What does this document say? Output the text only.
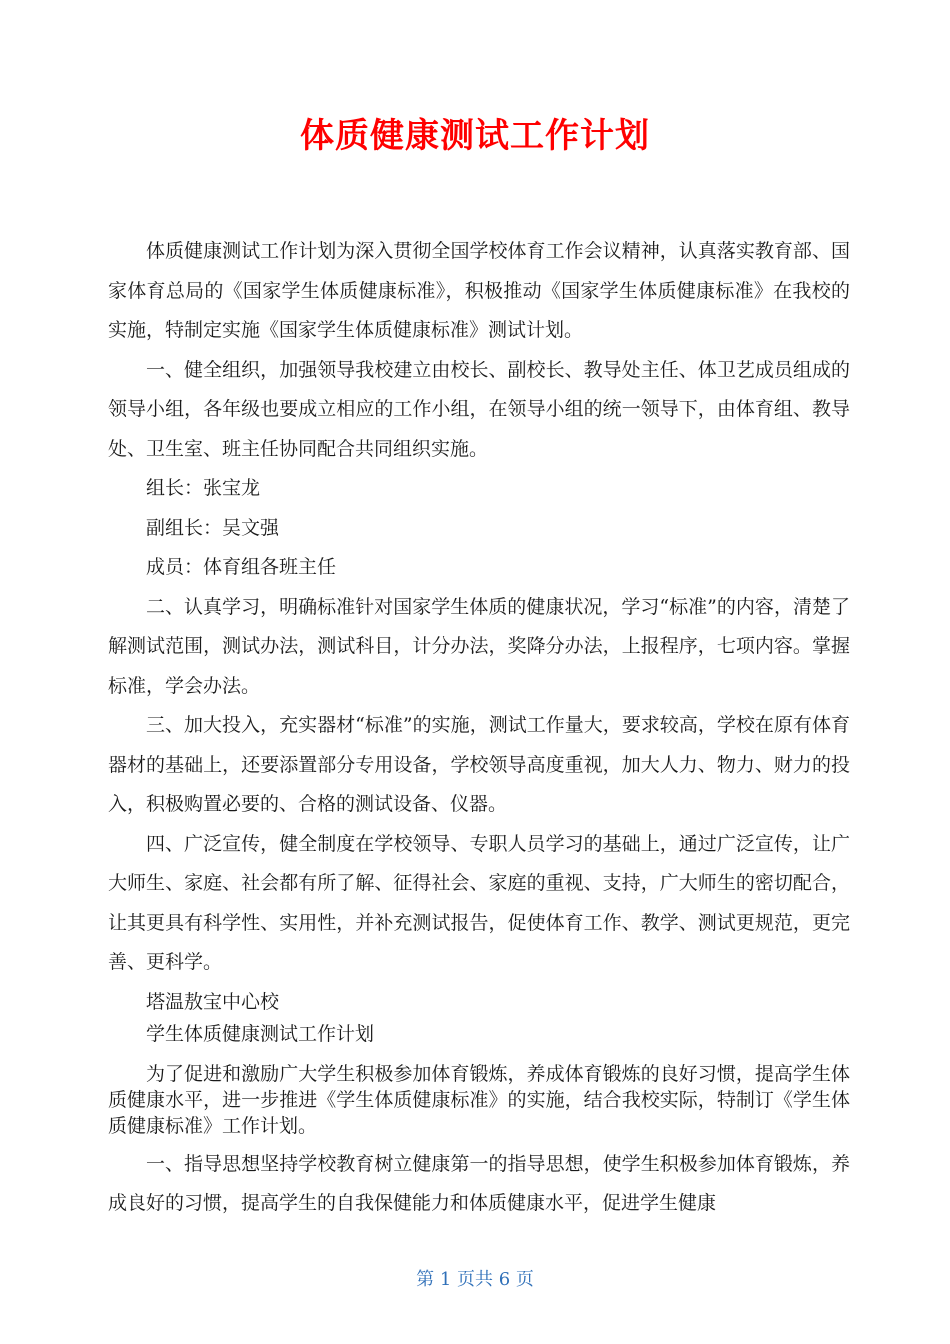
体质健康测试工作计划

体质健康测试工作计划为深入贯彻全国学校体育工作会议精神，认真落实教育部、国家体育总局的《国家学生体质健康标准》，积极推动《国家学生体质健康标准》在我校的实施，特制定实施《国家学生体质健康标准》测试计划。

一、健全组织，加强领导我校建立由校长、副校长、教导处主任、体卫艺成员组成的领导小组，各年级也要成立相应的工作小组，在领导小组的统一领导下，由体育组、教导处、卫生室、班主任协同配合共同组织实施。

组长：张宝龙

副组长：吴文强

成员：体育组各班主任

二、认真学习，明确标准针对国家学生体质的健康状况，学习“标准”的内容，清楚了解测试范围，测试办法，测试科目，计分办法，奖降分办法，上报程序，七项内容。掌握标准，学会办法。

三、加大投入，充实器材“标准”的实施，测试工作量大，要求较高，学校在原有体育器材的基础上，还要添置部分专用设备，学校领导高度重视，加大人力、物力、财力的投入，积极购置必要的、合格的测试设备、仪器。

四、广泛宣传，健全制度在学校领导、专职人员学习的基础上，通过广泛宣传，让广大师生、家庭、社会都有所了解、征得社会、家庭的重视、支持，广大师生的密切配合，让其更具有科学性、实用性，并补充测试报告，促使体育工作、教学、测试更规范，更完善、更科学。

塔温敖宝中心校

学生体质健康测试工作计划

为了促进和激励广大学生积极参加体育锻炼，养成体育锻炼的良好习惯，提高学生体质健康水平，进一步推进《学生体质健康标准》的实施，结合我校实际，特制订《学生体质健康标准》工作计划。

一、指导思想坚持学校教育树立健康第一的指导思想，使学生积极参加体育锻炼，养成良好的习惯，提高学生的自我保健能力和体质健康水平，促进学生健康

第 1 页共 6 页
